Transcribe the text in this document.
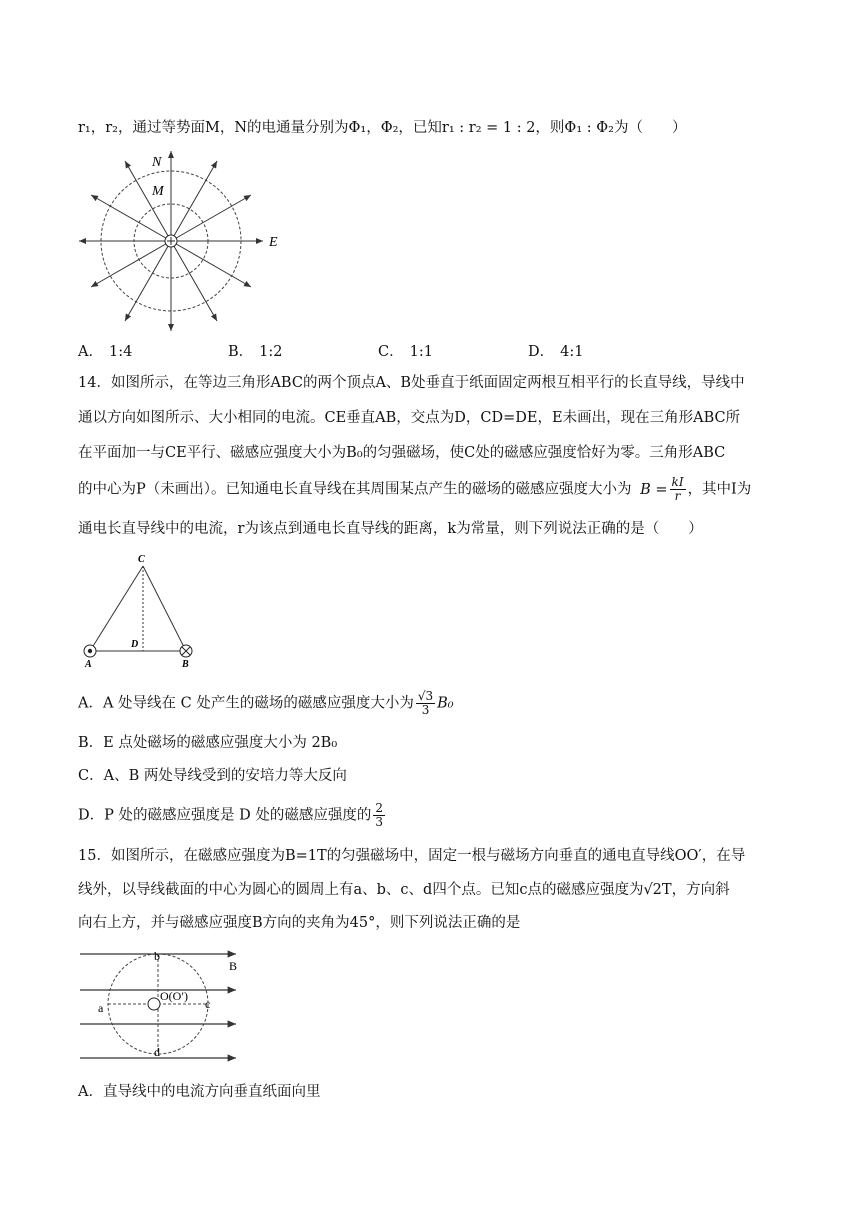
r₁，r₂，通过等势面M，N的电通量分别为Φ₁，Φ₂，已知r₁ : r₂ = 1 : 2，则Φ₁ : Φ₂为（　　）
N
M
E
A． 1:4	B． 1:2	C． 1:1	D． 4:1
14．如图所示，在等边三角形ABC的两个顶点A、B处垂直于纸面固定两根互相平行的长直导线，导线中
通以方向如图所示、大小相同的电流。CE垂直AB，交点为D，CD=DE，E未画出，现在三角形ABC所
在平面加一与CE平行、磁感应强度大小为B₀的匀强磁场，使C处的磁感应强度恰好为零。三角形ABC
的中心为P（未画出）。已知通电长直导线在其周围某点产生的磁场的磁感应强度大小为 $B = \frac{kI}{r}$ ，其中I为
通电长直导线中的电流，r为该点到通电长直导线的距离，k为常量，则下列说法正确的是（　　）
C
D
A	B
A．A 处导线在 C 处产生的磁场的磁感应强度大小为 $\frac{√3}{3} B_0$
B．E 点处磁场的磁感应强度大小为 2B₀
C．A、B 两处导线受到的安培力等大反向
D．P 处的磁感应强度是 D 处的磁感应强度的 $\frac{2}{3}$
15．如图所示，在磁感应强度为B=1T的匀强磁场中，固定一根与磁场方向垂直的通电直导线OO′，在导
线外，以导线截面的中心为圆心的圆周上有a、b、c、d四个点。已知c点的磁感应强度为√2T，方向斜
向右上方，并与磁感应强度B方向的夹角为45°，则下列说法正确的是
b
a	c
d
O(O′)
B
A．直导线中的电流方向垂直纸面向里
